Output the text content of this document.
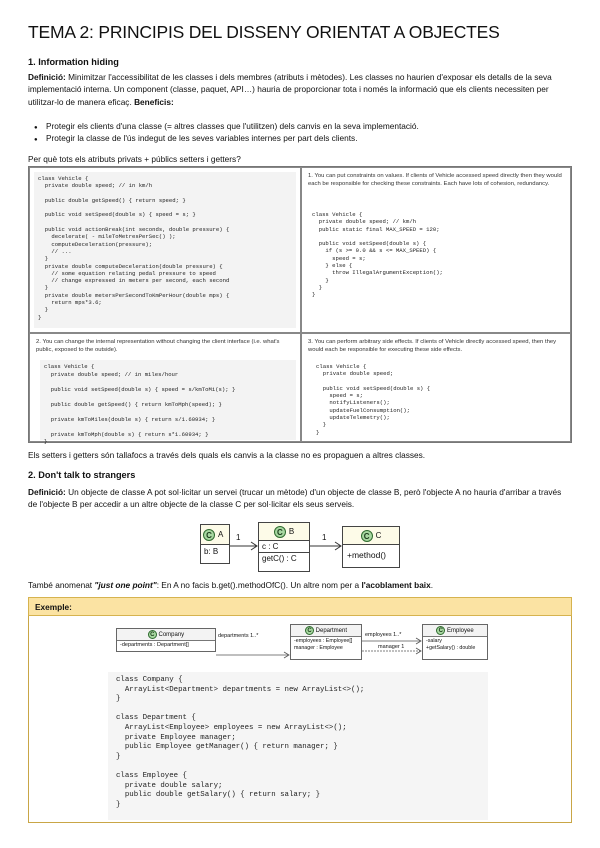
TEMA 2: PRINCIPIS DEL DISSENY ORIENTAT A OBJECTES
1. Information hiding
Definició: Minimitzar l'accessibilitat de les classes i dels membres (atributs i mètodes). Les classes no haurien d'exposar els detalls de la seva implementació interna. Un component (classe, paquet, API…) hauria de proporcionar tota i només la informació que els clients necessiten per utilitzar-lo de manera eficaç. Beneficis:
● Protegir els clients d'una classe (= altres classes que l'utilitzen) dels canvis en la seva implementació.
● Protegir la classe de l'ús indegut de les seves variables internes per part dels clients.
Per què tots els atributs privats + públics setters i getters?
class Vehicle {
private double speed; // in km/h

public double getSpeed() { return speed; }

public void setSpeed(double s) { speed = s; }

public void actionBreak(int seconds, double pressure) {
decelerate( - mileToMetresPerSec() );
computeDeceleration(pressure);
// ...
}
private double computeDeceleration(double pressure) {
// some equation relating pedal pressure to speed
// change expressed in meters per second, each second
}
private double metersPerSecondToKmPerHour(double mps) {
return mps*3.6;
}
}
1. You can put constraints on values. If clients of Vehicle accessed speed directly then they would each be responsible for checking these constraints. Each have lots of cohesion, redundancy.
class Vehicle {
private double speed; // km/h
public static final MAX_SPEED = 120;

public void setSpeed(double s) {
if (s >= 0.0 && s <= MAX_SPEED) {
speed = s;
} else {
throw IllegalArgumentException();
}
}
}
2. You can change the internal representation without changing the client interface (i.e. what's public, exposed to the outside).
class Vehicle {
private double speed; // in miles/hour

public void setSpeed(double s) { speed = s/kmToMi(s); }

public double getSpeed() { return kmToMph(speed); }

private kmToMiles(double s) { return s/1.60934; }

private kmToMph(double s) { return s*1.60934; }
}
3. You can perform arbitrary side effects. If clients of Vehicle directly accessed speed, then they would each be responsible for executing these side effects.
class Vehicle {
private double speed;

public void setSpeed(double s) {
speed = s;
notifyListeners();
updateFuelConsumption();
updateTelemetry();
}
}
Els setters i getters són tallafocs a través dels quals els canvis a la classe no es propaguen a altres classes.
2. Don't talk to strangers
Definició: Un objecte de classe A pot sol·licitar un servei (trucar un mètode) d'un objecte de classe B, però l'objecte A no hauria d'arribar a través de l'objecte B per accedir a un altre objecte de la classe C per sol·licitar els seus serveis.
C A
b: B
C B
c : C
getC() : C
C C
+method()
1	1
També anomenat "just one point": En A no facis b.get().methodOfC(). Un altre nom per a l'acoblament baix.
Exemple:
C Company
-departments : Department[]
departments 1..*
C Department
-employees : Employee[]
manager : Employee
employees 1..*
manager 1
C Employee
-salary
+getSalary() : double
class Company {
ArrayList<Department> departments = new ArrayList<>();
}

class Department {
ArrayList<Employee> employees = new ArrayList<>();
private Employee manager;
public Employee getManager() { return manager; }
}

class Employee {
private double salary;
public double getSalary() { return salary; }
}
